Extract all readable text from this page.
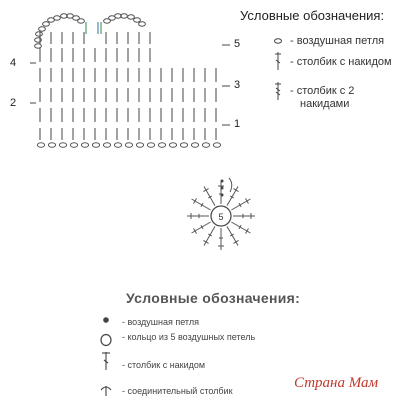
4
2
5
3
1
Условные обозначения:
- воздушная петля
- столбик с накидом
- столбик с 2
накидами
5
Условные обозначения:
- воздушная петля
- кольцо из 5 воздушных петель
- столбик с накидом
- соединительный столбик	Страна Мам
